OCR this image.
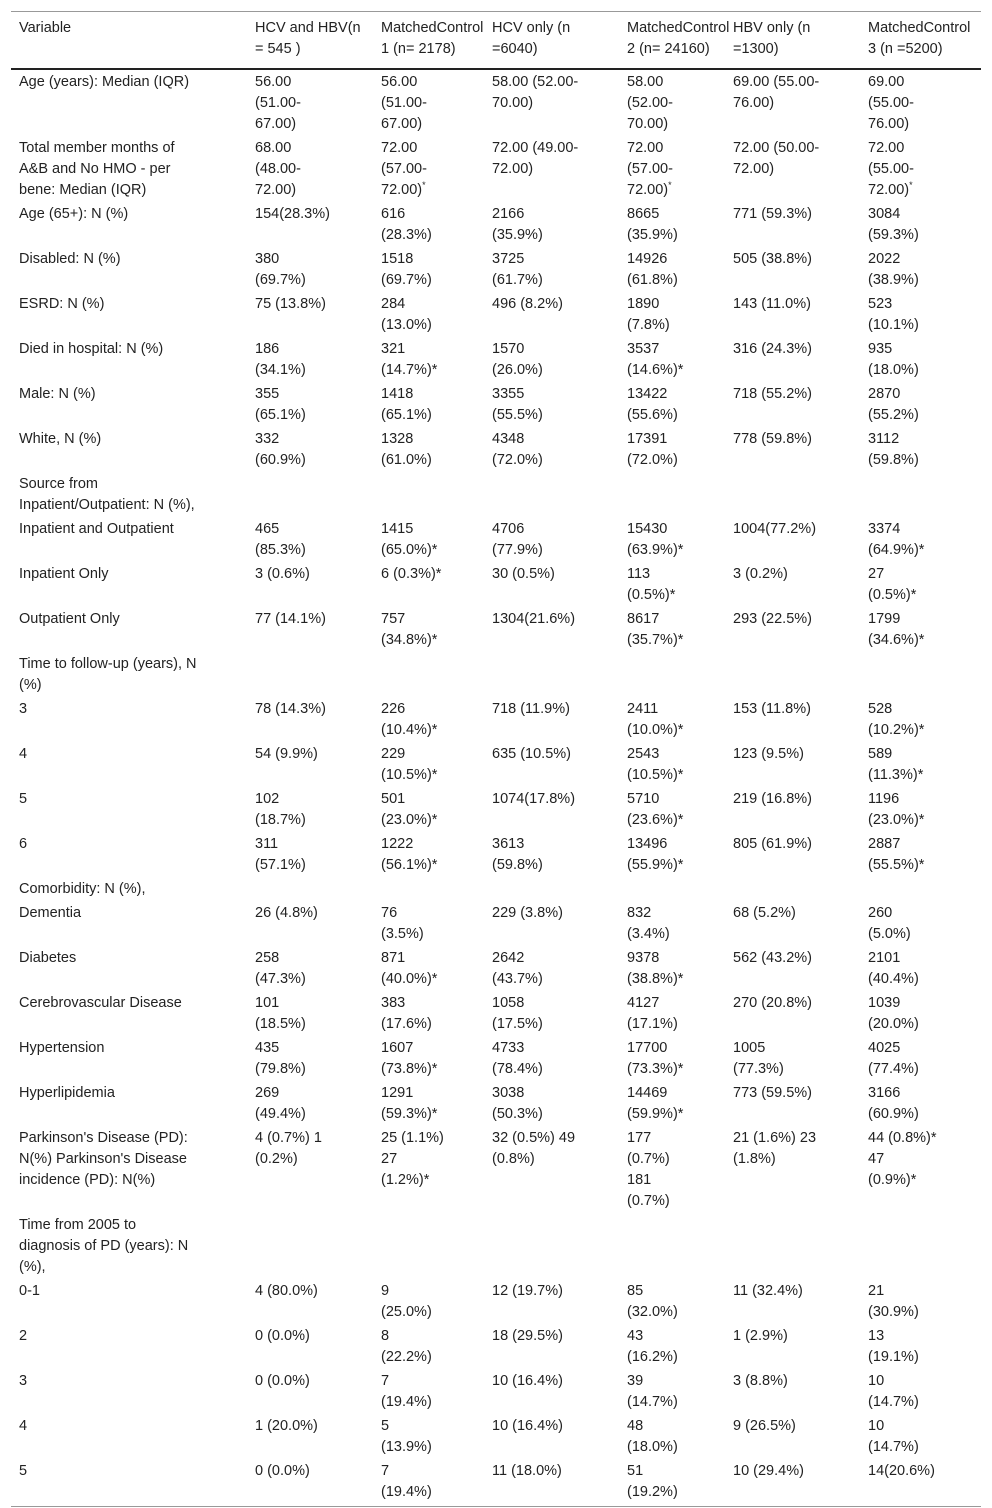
Variable	HCV and HBV(n = 545 )	MatchedControl 1 (n= 2178)	HCV only (n =6040)	MatchedControl 2 (n= 24160)	HBV only (n =1300)	MatchedControl 3 (n =5200)

Age (years): Median (IQR)	56.00
(51.00-
67.00)	56.00
(51.00-
67.00)	58.00 (52.00-
70.00)	58.00
(52.00-
70.00)	69.00 (55.00-
76.00)	69.00
(55.00-
76.00)

Total member months of
A&B and No HMO - per
bene: Median (IQR)	68.00
(48.00-
72.00)	72.00
(57.00-
72.00)*	72.00 (49.00-
72.00)	72.00
(57.00-
72.00)*	72.00 (50.00-
72.00)	72.00
(55.00-
72.00)*

Age (65+): N (%)	154(28.3%)	616
(28.3%)	2166
(35.9%)	8665
(35.9%)	771 (59.3%)	3084
(59.3%)

Disabled: N (%)	380
(69.7%)	1518
(69.7%)	3725
(61.7%)	14926
(61.8%)	505 (38.8%)	2022
(38.9%)

ESRD: N (%)	75 (13.8%)	284
(13.0%)	496 (8.2%)	1890
(7.8%)	143 (11.0%)	523
(10.1%)

Died in hospital: N (%)	186
(34.1%)	321
(14.7%)*	1570
(26.0%)	3537
(14.6%)*	316 (24.3%)	935
(18.0%)

Male: N (%)	355
(65.1%)	1418
(65.1%)	3355
(55.5%)	13422
(55.6%)	718 (55.2%)	2870
(55.2%)

White, N (%)	332
(60.9%)	1328
(61.0%)	4348
(72.0%)	17391
(72.0%)	778 (59.8%)	3112
(59.8%)

Source from
Inpatient/Outpatient: N (%),						

Inpatient and Outpatient	465
(85.3%)	1415
(65.0%)*	4706
(77.9%)	15430
(63.9%)*	1004(77.2%)	3374
(64.9%)*

Inpatient Only	3 (0.6%)	6 (0.3%)*	30 (0.5%)	113
(0.5%)*	3 (0.2%)	27
(0.5%)*

Outpatient Only	77 (14.1%)	757
(34.8%)*	1304(21.6%)	8617
(35.7%)*	293 (22.5%)	1799
(34.6%)*

Time to follow-up (years), N
(%)						

3	78 (14.3%)	226
(10.4%)*	718 (11.9%)	2411
(10.0%)*	153 (11.8%)	528
(10.2%)*

4	54 (9.9%)	229
(10.5%)*	635 (10.5%)	2543
(10.5%)*	123 (9.5%)	589
(11.3%)*

5	102
(18.7%)	501
(23.0%)*	1074(17.8%)	5710
(23.6%)*	219 (16.8%)	1196
(23.0%)*

6	311
(57.1%)	1222
(56.1%)*	3613
(59.8%)	13496
(55.9%)*	805 (61.9%)	2887
(55.5%)*

Comorbidity: N (%),						

Dementia	26 (4.8%)	76
(3.5%)	229 (3.8%)	832
(3.4%)	68 (5.2%)	260
(5.0%)

Diabetes	258
(47.3%)	871
(40.0%)*	2642
(43.7%)	9378
(38.8%)*	562 (43.2%)	2101
(40.4%)

Cerebrovascular Disease	101
(18.5%)	383
(17.6%)	1058
(17.5%)	4127
(17.1%)	270 (20.8%)	1039
(20.0%)

Hypertension	435
(79.8%)	1607
(73.8%)*	4733
(78.4%)	17700
(73.3%)*	1005
(77.3%)	4025
(77.4%)

Hyperlipidemia	269
(49.4%)	1291
(59.3%)*	3038
(50.3%)	14469
(59.9%)*	773 (59.5%)	3166
(60.9%)

Parkinson's Disease (PD):
N(%) Parkinson's Disease
incidence (PD): N(%)	4 (0.7%) 1
(0.2%)	25 (1.1%)
27
(1.2%)*	32 (0.5%) 49
(0.8%)	177
(0.7%)
181
(0.7%)	21 (1.6%) 23
(1.8%)	44 (0.8%)*
47
(0.9%)*

Time from 2005 to
diagnosis of PD (years): N
(%),						

0-1	4 (80.0%)	9
(25.0%)	12 (19.7%)	85
(32.0%)	11 (32.4%)	21
(30.9%)

2	0 (0.0%)	8
(22.2%)	18 (29.5%)	43
(16.2%)	1 (2.9%)	13
(19.1%)

3	0 (0.0%)	7
(19.4%)	10 (16.4%)	39
(14.7%)	3 (8.8%)	10
(14.7%)

4	1 (20.0%)	5
(13.9%)	10 (16.4%)	48
(18.0%)	9 (26.5%)	10
(14.7%)

5	0 (0.0%)	7
(19.4%)	11 (18.0%)	51
(19.2%)	10 (29.4%)	14(20.6%)
